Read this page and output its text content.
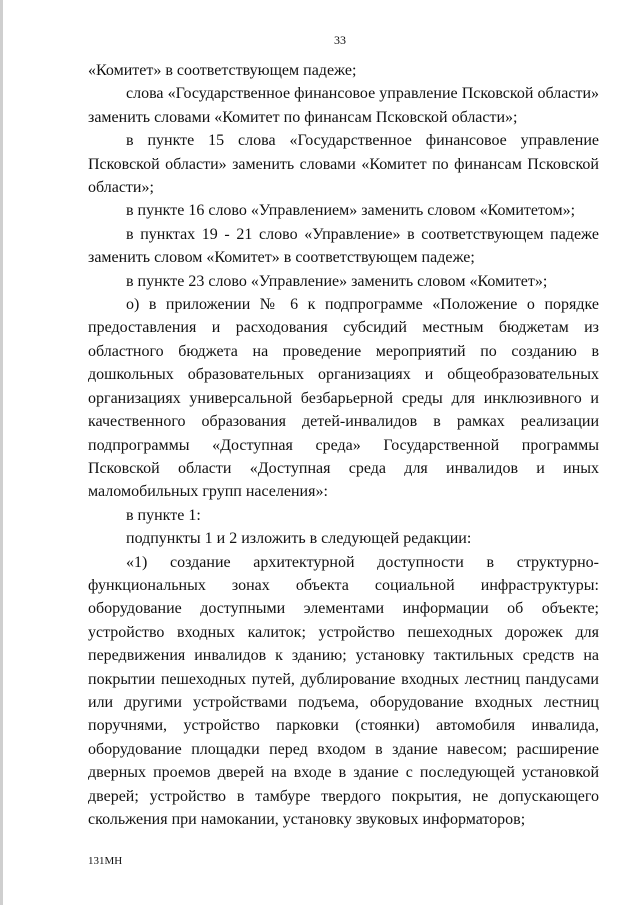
33

«Комитет» в соответствующем падеже;

слова «Государственное финансовое управление Псковской области» заменить словами «Комитет по финансам Псковской области»;

в пункте 15 слова «Государственное финансовое управление Псковской области» заменить словами «Комитет по финансам Псковской области»;

в пункте 16 слово «Управлением» заменить словом «Комитетом»;

в пунктах 19 - 21 слово «Управление» в соответствующем падеже заменить словом «Комитет» в соответствующем падеже;

в пункте 23 слово «Управление» заменить словом «Комитет»;

о) в приложении № 6 к подпрограмме «Положение о порядке предоставления и расходования субсидий местным бюджетам из областного бюджета на проведение мероприятий по созданию в дошкольных образовательных организациях и общеобразовательных организациях универсальной безбарьерной среды для инклюзивного и качественного образования детей-инвалидов в рамках реализации подпрограммы «Доступная среда» Государственной программы Псковской области «Доступная среда для инвалидов и иных маломобильных групп населения»:

в пункте 1:

подпункты 1 и 2 изложить в следующей редакции:

«1) создание архитектурной доступности в структурно-функциональных зонах объекта социальной инфраструктуры: оборудование доступными элементами информации об объекте; устройство входных калиток; устройство пешеходных дорожек для передвижения инвалидов к зданию; установку тактильных средств на покрытии пешеходных путей, дублирование входных лестниц пандусами или другими устройствами подъема, оборудование входных лестниц поручнями, устройство парковки (стоянки) автомобиля инвалида, оборудование площадки перед входом в здание навесом; расширение дверных проемов дверей на входе в здание с последующей установкой дверей; устройство в тамбуре твердого покрытия, не допускающего скольжения при намокании, установку звуковых информаторов;

131МН
